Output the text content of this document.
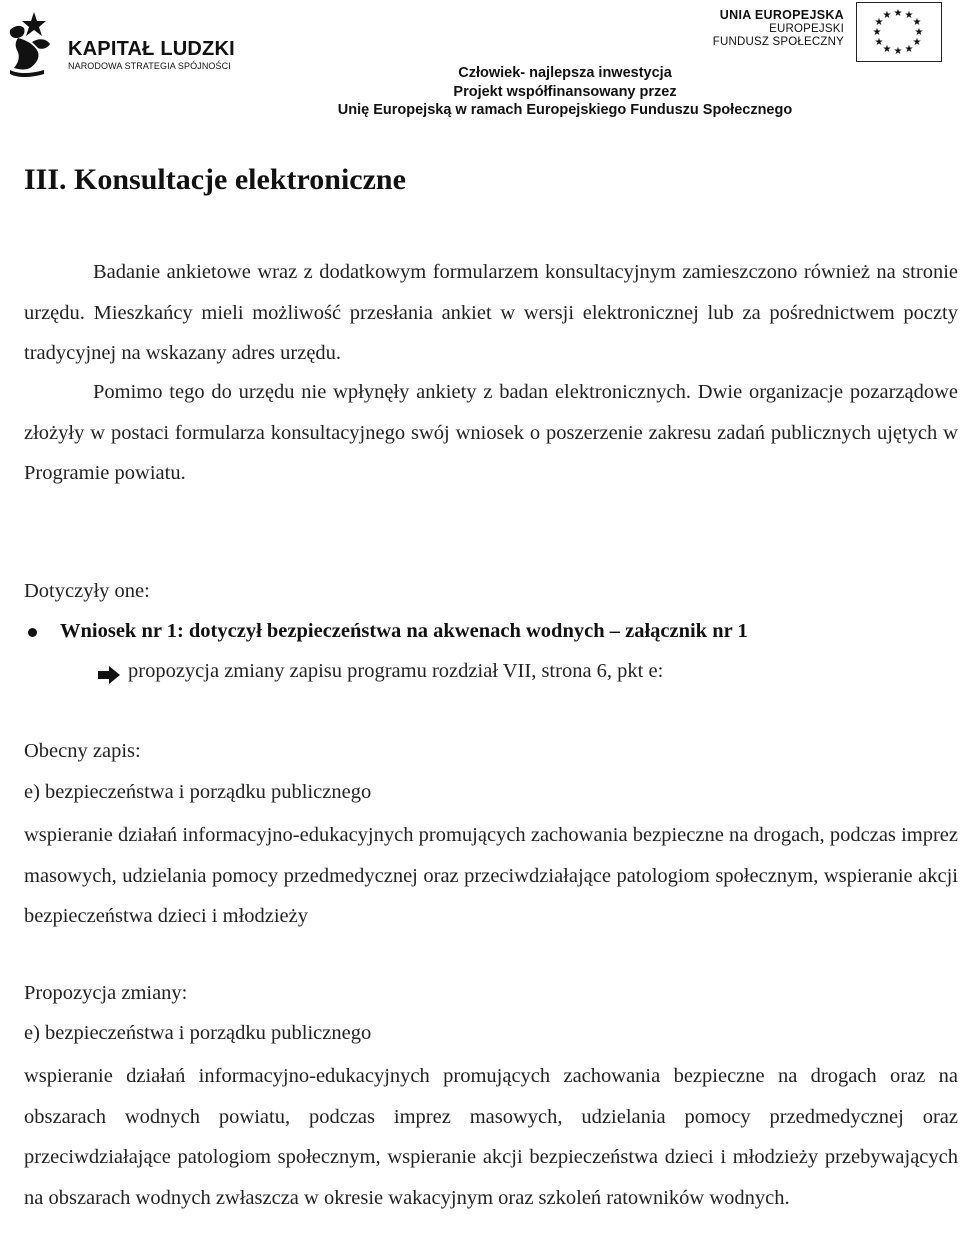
KAPITAŁ LUDZKI
NARODOWA STRATEGIA SPÓJNOŚCI
UNIA EUROPEJSKA
EUROPEJSKI
FUNDUSZ SPOŁECZNY
★ ★
★
★
★
★
★
★
★
★
★
★
Człowiek- najlepsza inwestycja
Projekt współfinansowany przez
Unię Europejską w ramach Europejskiego Funduszu Społecznego
III. Konsultacje elektroniczne
Badanie ankietowe wraz z dodatkowym formularzem konsultacyjnym zamieszczono również na stronie urzędu. Mieszkańcy mieli możliwość przesłania ankiet w wersji elektronicznej lub za pośrednictwem poczty tradycyjnej na wskazany adres urzędu.
Pomimo tego do urzędu nie wpłynęły ankiety z badan elektronicznych. Dwie organizacje pozarządowe złożyły w postaci formularza konsultacyjnego swój wniosek o poszerzenie zakresu zadań publicznych ujętych w Programie powiatu.
Dotyczyły one:
Wniosek nr 1: dotyczył bezpieczeństwa na akwenach wodnych – załącznik nr 1
propozycja zmiany zapisu programu rozdział VII, strona 6, pkt e:
Obecny zapis:
e) bezpieczeństwa i porządku publicznego
wspieranie działań informacyjno-edukacyjnych promujących zachowania bezpieczne na drogach, podczas imprez masowych, udzielania pomocy przedmedycznej oraz przeciwdziałające patologiom społecznym, wspieranie akcji bezpieczeństwa dzieci i młodzieży
Propozycja zmiany:
e) bezpieczeństwa i porządku publicznego
wspieranie działań informacyjno-edukacyjnych promujących zachowania bezpieczne na drogach oraz na obszarach wodnych powiatu, podczas imprez masowych, udzielania pomocy przedmedycznej oraz przeciwdziałające patologiom społecznym, wspieranie akcji bezpieczeństwa dzieci i młodzieży przebywających na obszarach wodnych zwłaszcza w okresie wakacyjnym oraz szkoleń ratowników wodnych.
